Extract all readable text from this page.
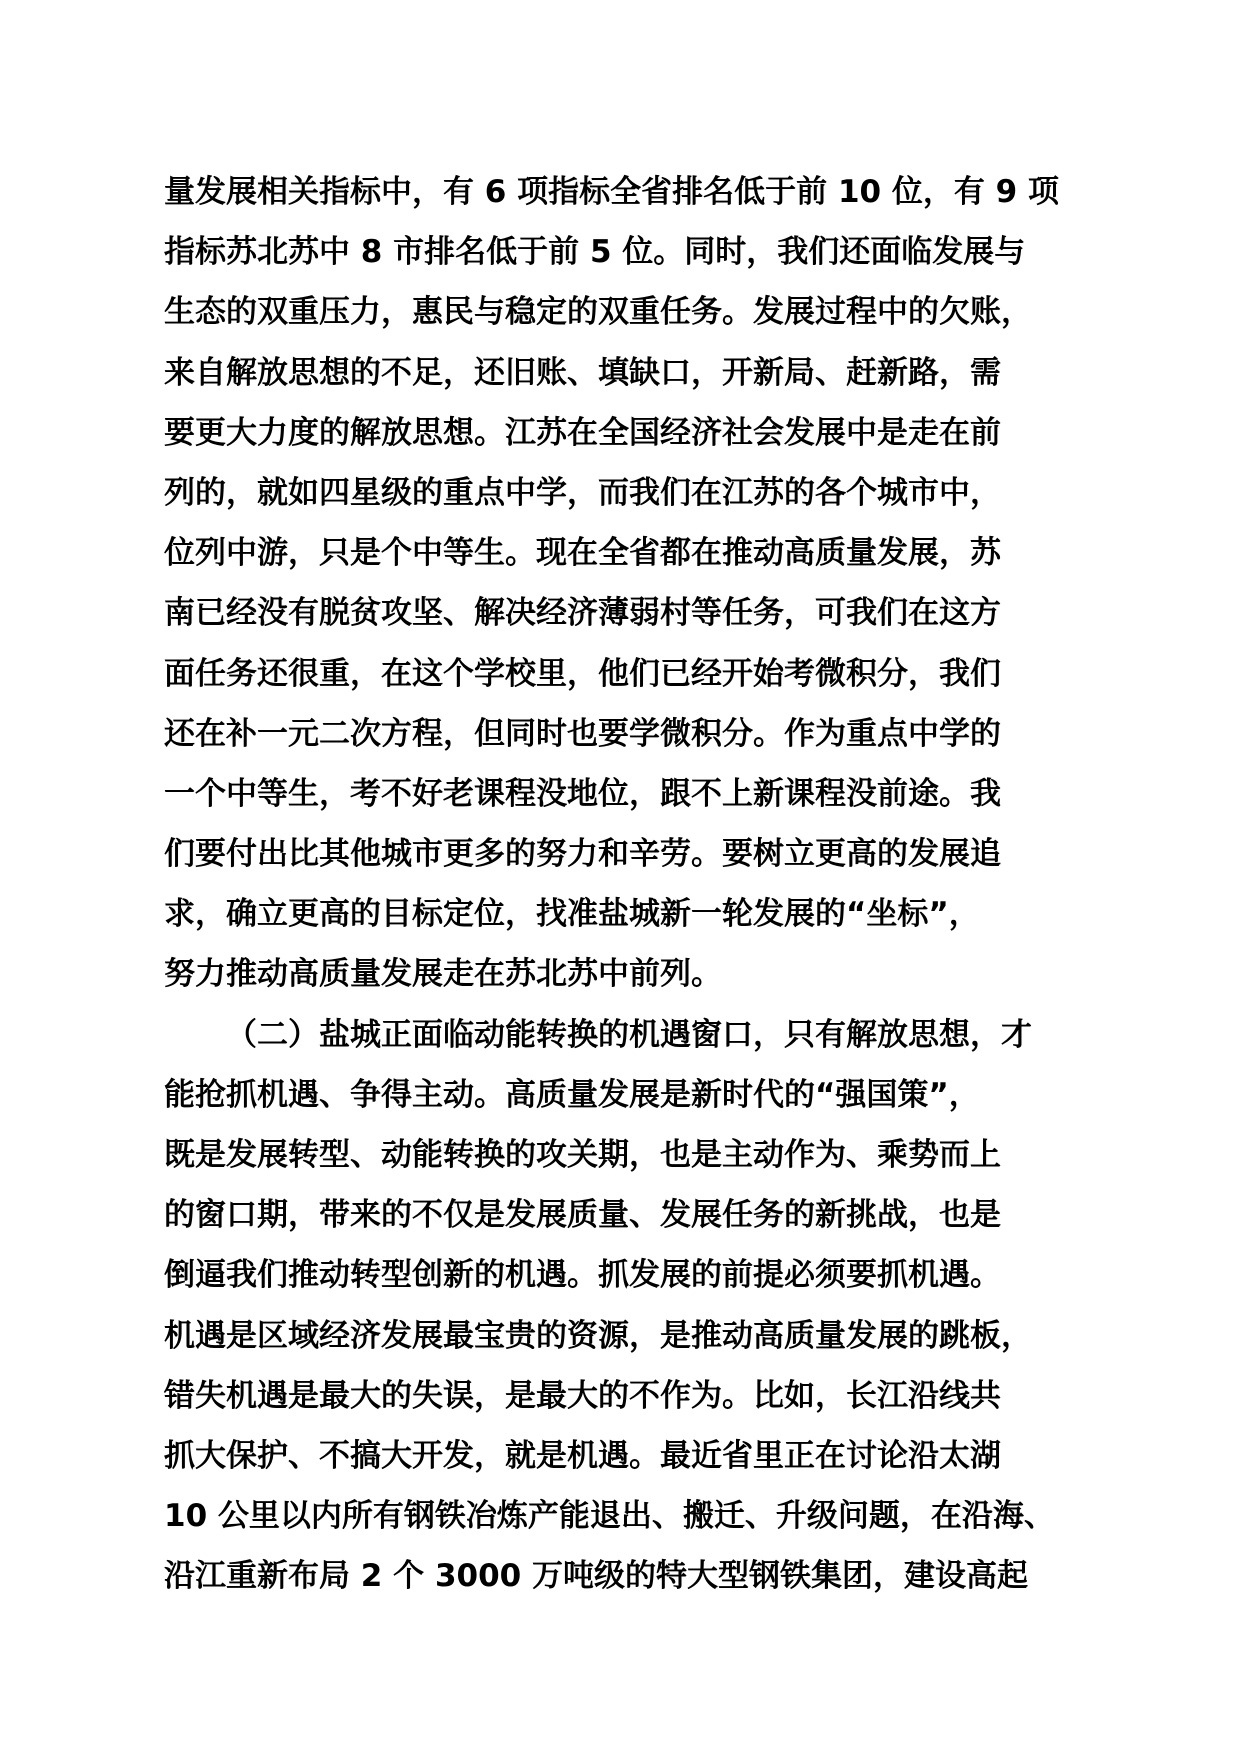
量发展相关指标中，有 6 项指标全省排名低于前 10 位，有 9 项
指标苏北苏中 8 市排名低于前 5 位。同时，我们还面临发展与
生态的双重压力，惠民与稳定的双重任务。发展过程中的欠账，
来自解放思想的不足，还旧账、填缺口，开新局、赶新路，需
要更大力度的解放思想。江苏在全国经济社会发展中是走在前
列的，就如四星级的重点中学，而我们在江苏的各个城市中，
位列中游，只是个中等生。现在全省都在推动高质量发展，苏
南已经没有脱贫攻坚、解决经济薄弱村等任务，可我们在这方
面任务还很重，在这个学校里，他们已经开始考微积分，我们
还在补一元二次方程，但同时也要学微积分。作为重点中学的
一个中等生，考不好老课程没地位，跟不上新课程没前途。我
们要付出比其他城市更多的努力和辛劳。要树立更高的发展追
求，确立更高的目标定位，找准盐城新一轮发展的“坐标”，
努力推动高质量发展走在苏北苏中前列。
（二）盐城正面临动能转换的机遇窗口，只有解放思想，才
能抢抓机遇、争得主动。高质量发展是新时代的“强国策”，
既是发展转型、动能转换的攻关期，也是主动作为、乘势而上
的窗口期，带来的不仅是发展质量、发展任务的新挑战，也是
倒逼我们推动转型创新的机遇。抓发展的前提必须要抓机遇。
机遇是区域经济发展最宝贵的资源，是推动高质量发展的跳板，
错失机遇是最大的失误，是最大的不作为。比如，长江沿线共
抓大保护、不搞大开发，就是机遇。最近省里正在讨论沿太湖
10 公里以内所有钢铁冶炼产能退出、搬迁、升级问题，在沿海、
沿江重新布局 2 个 3000 万吨级的特大型钢铁集团，建设高起
